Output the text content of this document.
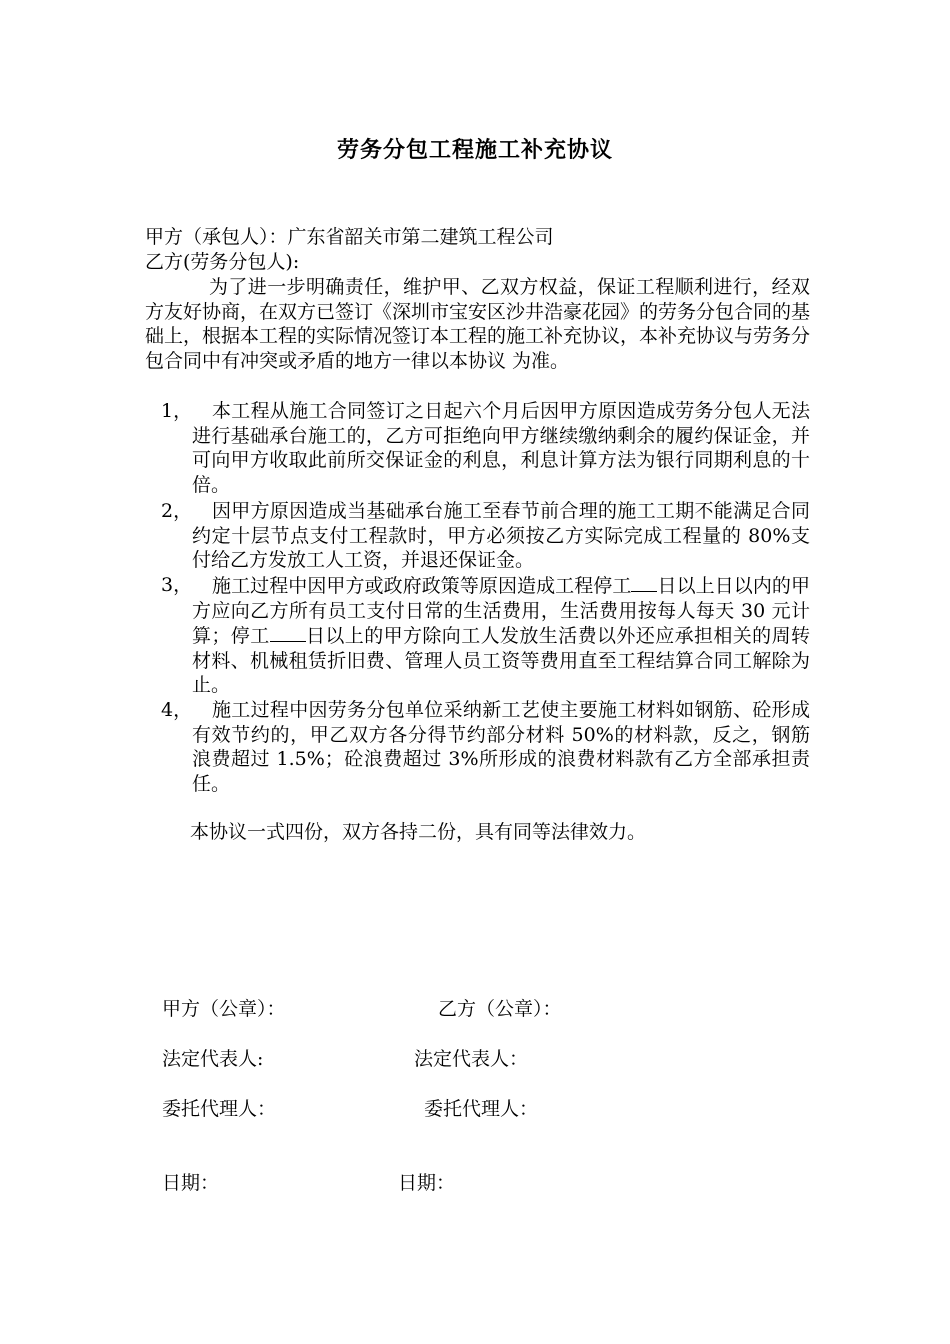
劳务分包工程施工补充协议
甲方（承包人）：广东省韶关市第二建筑工程公司
乙方(劳务分包人):
为了进一步明确责任，维护甲、乙双方权益，保证工程顺利进行，经双方友好协商，在双方已签订《深圳市宝安区沙井浩豪花园》的劳务分包合同的基础上，根据本工程的实际情况签订本工程的施工补充协议，本补充协议与劳务分包合同中有冲突或矛盾的地方一律以本协议 为准。
1，	本工程从施工合同签订之日起六个月后因甲方原因造成劳务分包人无法进行基础承台施工的，乙方可拒绝向甲方继续缴纳剩余的履约保证金，并可向甲方收取此前所交保证金的利息，利息计算方法为银行同期利息的十倍。
2，	因甲方原因造成当基础承台施工至春节前合理的施工工期不能满足合同约定十层节点支付工程款时，甲方必须按乙方实际完成工程量的 80%支付给乙方发放工人工资，并退还保证金。
3，	施工过程中因甲方或政府政策等原因造成工程停工 日以上日以内的甲方应向乙方所有员工支付日常的生活费用，生活费用按每人每天 30 元计算；停工 日以上的甲方除向工人发放生活费以外还应承担相关的周转材料、机械租赁折旧费、管理人员工资等费用直至工程结算合同工解除为止。
4，	施工过程中因劳务分包单位采纳新工艺使主要施工材料如钢筋、砼形成有效节约的，甲乙双方各分得节约部分材料 50%的材料款，反之，钢筋浪费超过 1.5%；砼浪费超过 3%所形成的浪费材料款有乙方全部承担责任。
本协议一式四份，双方各持二份，具有同等法律效力。
甲方（公章）：	乙方（公章）：
法定代表人:	法定代表人：
委托代理人：	委托代理人：
日期：	日期：
